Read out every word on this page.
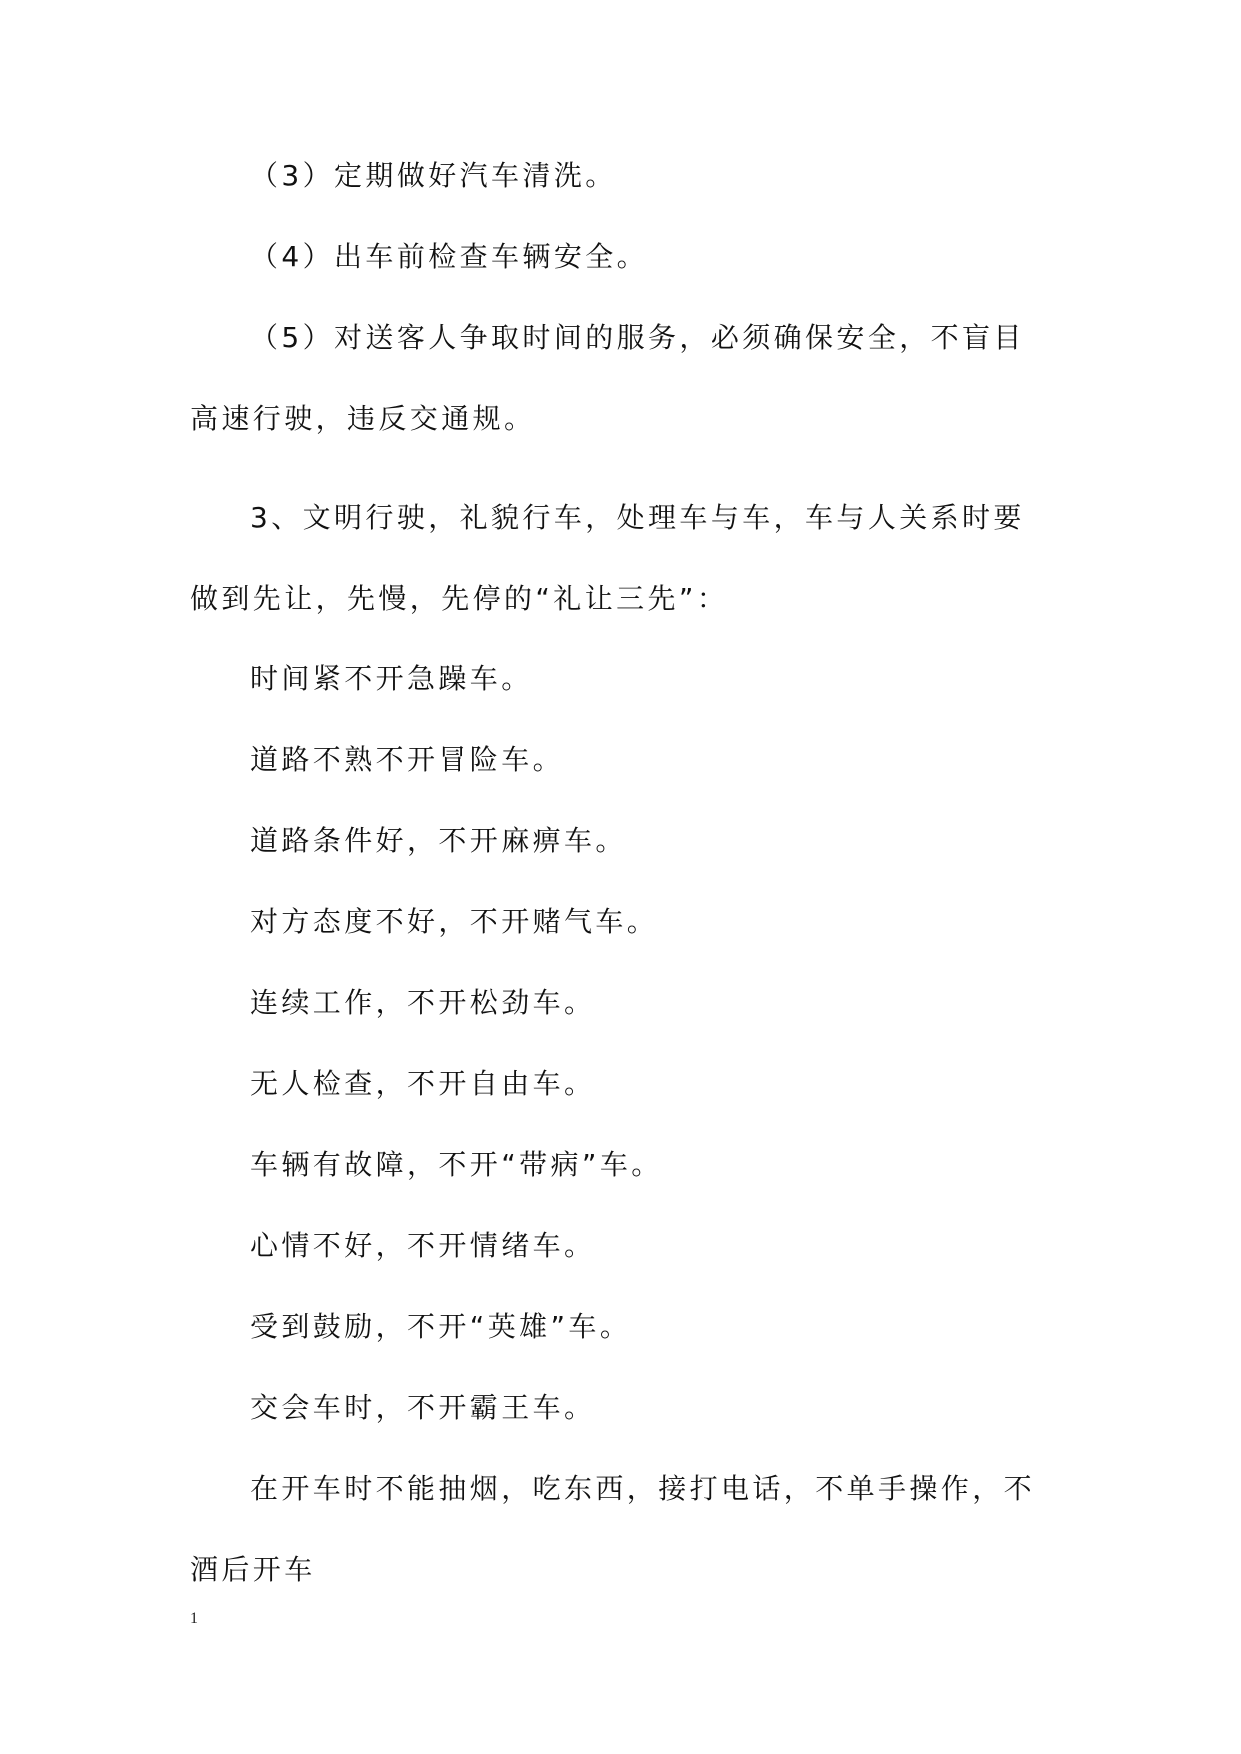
（3）定期做好汽车清洗。

（4）出车前检查车辆安全。

（5）对送客人争取时间的服务，必须确保安全，不盲目高速行驶，违反交通规。

3、文明行驶，礼貌行车，处理车与车，车与人关系时要做到先让，先慢，先停的“礼让三先”：

时间紧不开急躁车。

道路不熟不开冒险车。

道路条件好，不开麻痹车。

对方态度不好，不开赌气车。

连续工作，不开松劲车。

无人检查，不开自由车。

车辆有故障，不开“带病”车。

心情不好，不开情绪车。

受到鼓励，不开“英雄”车。

交会车时，不开霸王车。

在开车时不能抽烟，吃东西，接打电话，不单手操作，不酒后开车

1
